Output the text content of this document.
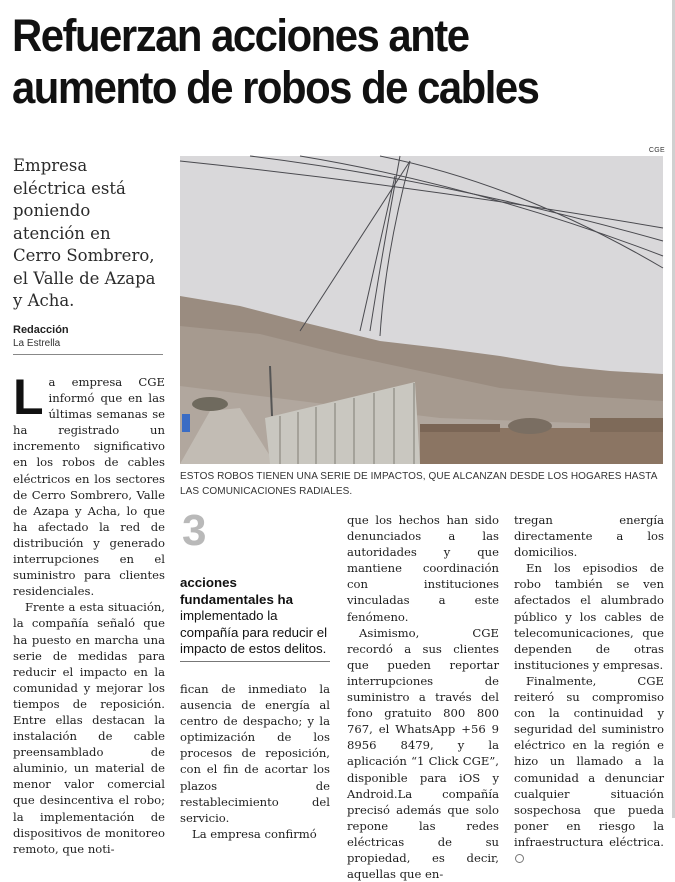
Refuerzan acciones ante aumento de robos de cables
Empresa eléctrica está poniendo atención en Cerro Sombrero, el Valle de Azapa y Acha.
Redacción
La Estrella
CGE
ESTOS ROBOS TIENEN UNA SERIE DE IMPACTOS, QUE ALCANZAN DESDE LOS HOGARES HASTA LAS COMUNICACIONES RADIALES.

La empresa CGE informó que en las últimas semanas se ha registrado un incremento significativo en los robos de cables eléctricos en los sectores de Cerro Sombrero, Valle de Azapa y Acha, lo que ha afectado la red de distribución y generado interrupciones en el suministro para clientes residenciales.

Frente a esta situación, la compañía señaló que ha puesto en marcha una serie de medidas para reducir el impacto en la comunidad y mejorar los tiempos de reposición. Entre ellas destacan la instalación de cable preensamblado de aluminio, un material de menor valor comercial que desincentiva el robo; la implementación de dispositivos de monitoreo remoto, que noti-

3
acciones fundamentales ha implementado la compañía para reducir el impacto de estos delitos.

fican de inmediato la ausencia de energía al centro de despacho; y la optimización de los procesos de reposición, con el fin de acortar los plazos de restablecimiento del servicio.

La empresa confirmó

que los hechos han sido denunciados a las autoridades y que mantiene coordinación con instituciones vinculadas a este fenómeno.

Asimismo, CGE recordó a sus clientes que pueden reportar interrupciones de suministro a través del fono gratuito 800 800 767, el WhatsApp +56 9 8956 8479, y la aplicación “1 Click CGE”, disponible para iOS y Android.La compañía precisó además que solo repone las redes eléctricas de su propiedad, es decir, aquellas que en-

tregan energía directamente a los domicilios.

En los episodios de robo también se ven afectados el alumbrado público y los cables de telecomunicaciones, que dependen de otras instituciones y empresas.

Finalmente, CGE reiteró su compromiso con la continuidad y seguridad del suministro eléctrico en la región e hizo un llamado a la comunidad a denunciar cualquier situación sospechosa que pueda poner en riesgo la infraestructura eléctrica.
